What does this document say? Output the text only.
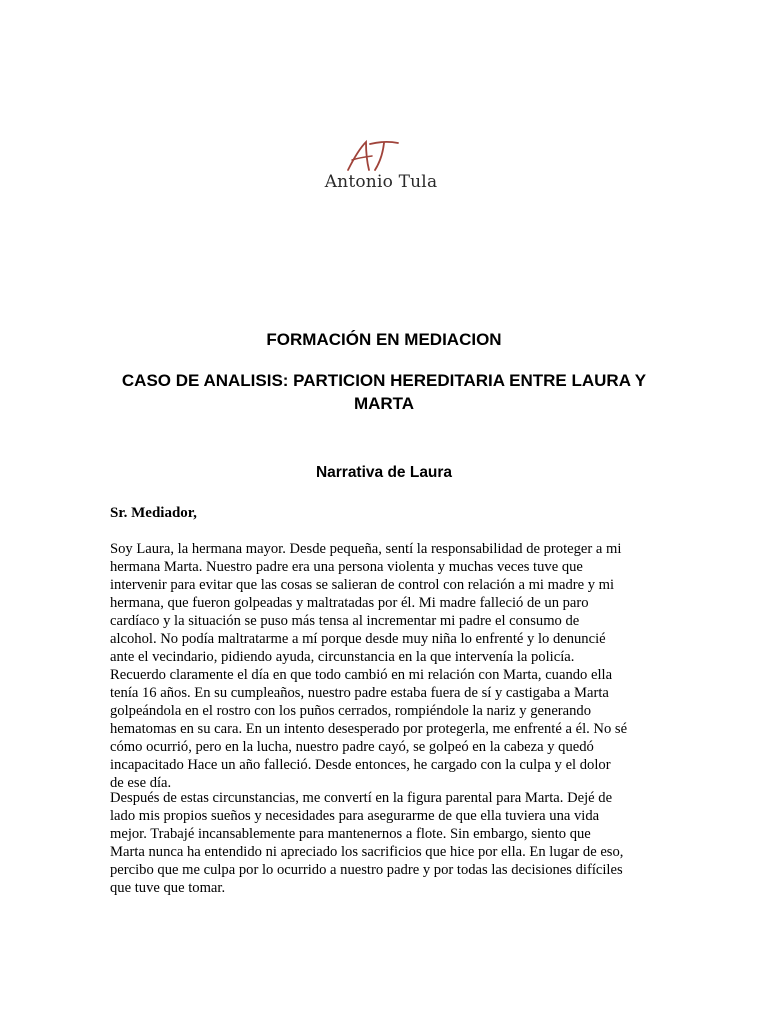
Antonio Tula
FORMACIÓN EN MEDIACION
CASO DE ANALISIS: PARTICION HEREDITARIA ENTRE LAURA Y
MARTA
Narrativa de Laura
Sr. Mediador,

Soy Laura, la hermana mayor. Desde pequeña, sentí la responsabilidad de proteger a mi
hermana Marta. Nuestro padre era una persona violenta y muchas veces tuve que
intervenir para evitar que las cosas se salieran de control con relación a mi madre y mi
hermana, que fueron golpeadas y maltratadas por él. Mi madre falleció de un paro
cardíaco y la situación se puso más tensa al incrementar mi padre el consumo de
alcohol. No podía maltratarme a mí porque desde muy niña lo enfrenté y lo denuncié
ante el vecindario, pidiendo ayuda, circunstancia en la que intervenía la policía.
Recuerdo claramente el día en que todo cambió en mi relación con Marta, cuando ella
tenía 16 años. En su cumpleaños, nuestro padre estaba fuera de sí y castigaba a Marta
golpeándola en el rostro con los puños cerrados, rompiéndole la nariz y generando
hematomas en su cara. En un intento desesperado por protegerla, me enfrenté a él. No sé
cómo ocurrió, pero en la lucha, nuestro padre cayó, se golpeó en la cabeza y quedó
incapacitado Hace un año falleció. Desde entonces, he cargado con la culpa y el dolor
de ese día.

Después de estas circunstancias, me convertí en la figura parental para Marta. Dejé de
lado mis propios sueños y necesidades para asegurarme de que ella tuviera una vida
mejor. Trabajé incansablemente para mantenernos a flote. Sin embargo, siento que
Marta nunca ha entendido ni apreciado los sacrificios que hice por ella. En lugar de eso,
percibo que me culpa por lo ocurrido a nuestro padre y por todas las decisiones difíciles
que tuve que tomar.
